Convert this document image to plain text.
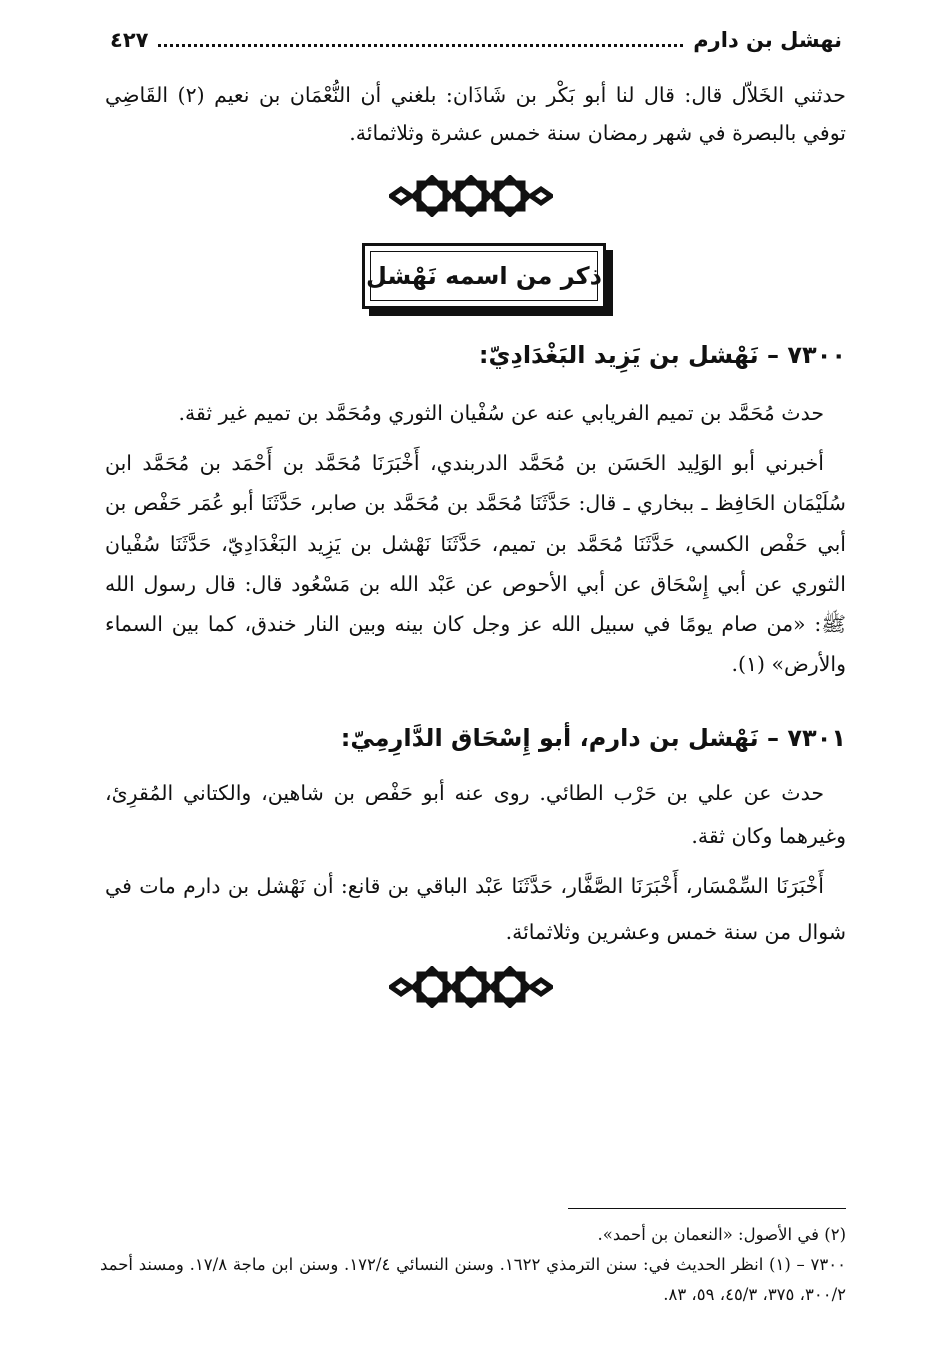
نهشل بن دارم
٤٢٧

حدثني الخَلاّل قال: قال لنا أبو بَكْر بن شَاذَان: بلغني أن النُّعْمَان بن نعيم (٢) القَاضِي توفي بالبصرة في شهر رمضان سنة خمس عشرة وثلاثمائة.

ذكر من اسمه نَهْشل
٧٣٠٠ – نَهْشل بن يَزِيد البَغْدَادِيّ:

حدث مُحَمَّد بن تميم الفريابي عنه عن سُفْيان الثوري ومُحَمَّد بن تميم غير ثقة.

أخبرني أبو الوَلِيد الحَسَن بن مُحَمَّد الدربندي، أَخْبَرَنَا مُحَمَّد بن أَحْمَد بن مُحَمَّد ابن سُلَيْمَان الحَافِظ ـ ببخاري ـ قال: حَدَّثَنَا مُحَمَّد بن مُحَمَّد بن صابر، حَدَّثَنَا أبو عُمَر حَفْص بن أبي حَفْص الكسي، حَدَّثَنَا مُحَمَّد بن تميم، حَدَّثَنَا نَهْشل بن يَزِيد البَغْدَادِيّ، حَدَّثَنَا سُفْيان الثوري عن أبي إِسْحَاق عن أبي الأحوص عن عَبْد الله بن مَسْعُود قال: قال رسول الله ﷺ: «من صام يومًا في سبيل الله عز وجل كان بينه وبين النار خندق، كما بين السماء والأرض» (١).

٧٣٠١ – نَهْشل بن دارم، أبو إِسْحَاق الدَّارِمِيّ:

حدث عن علي بن حَرْب الطائي. روى عنه أبو حَفْص بن شاهين، والكتاني المُقرِئ، وغيرهما وكان ثقة.

أَخْبَرَنَا السِّمْسَار، أَخْبَرَنَا الصَّفَّار، حَدَّثَنَا عَبْد الباقي بن قانع: أن نَهْشل بن دارم مات في شوال من سنة خمس وعشرين وثلاثمائة.

(٢) في الأصول: «النعمان بن أحمد».

٧٣٠٠ – (١) انظر الحديث في: سنن الترمذي ١٦٢٢. وسنن النسائي ١٧٢/٤. وسنن ابن ماجة ١٧/٨. ومسند أحمد ٣٠٠/٢، ٣٧٥، ٤٥/٣، ٥٩، ٨٣.
